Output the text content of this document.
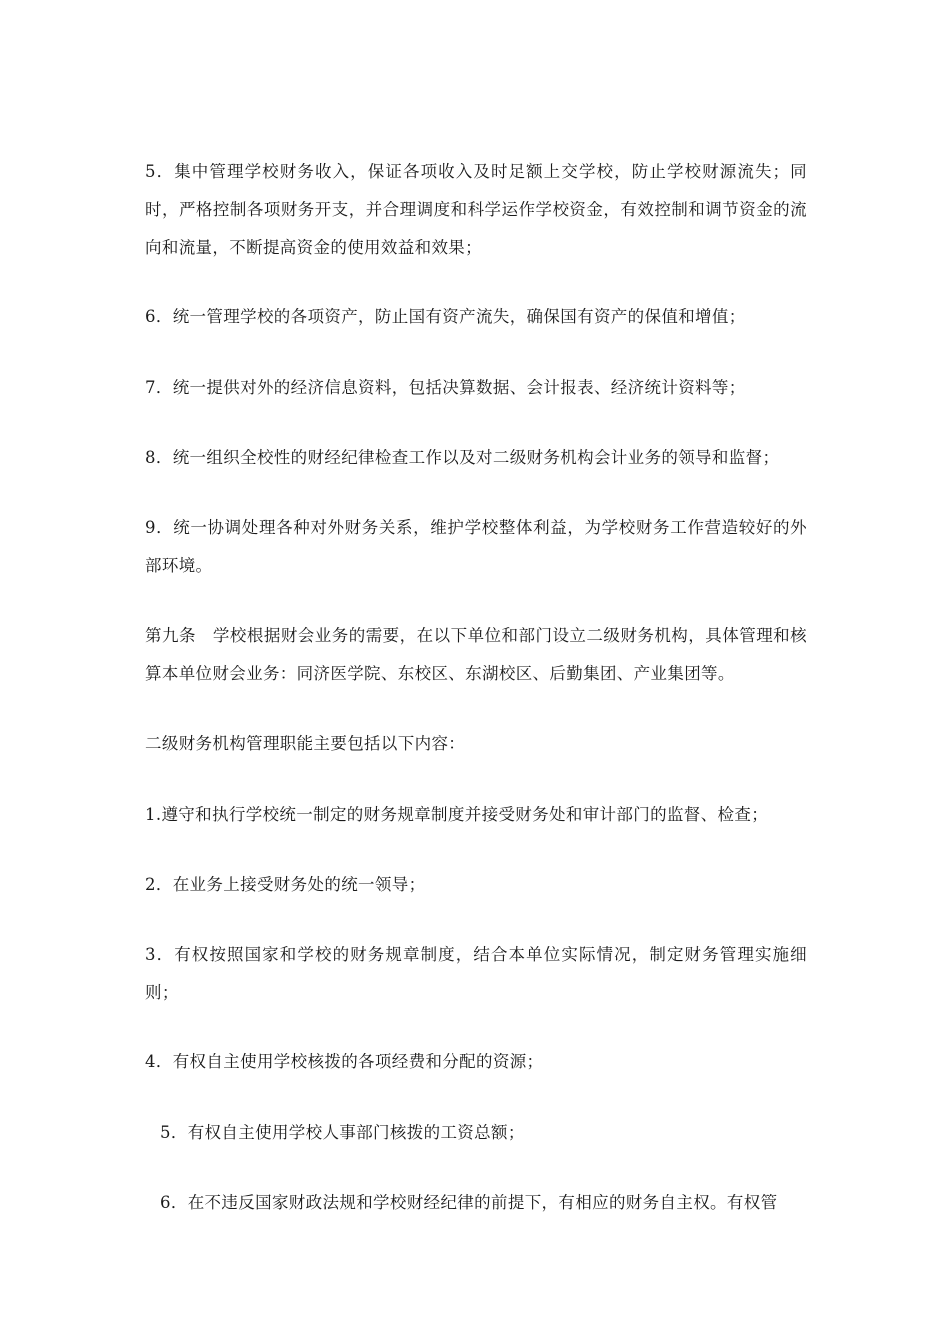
5．集中管理学校财务收入，保证各项收入及时足额上交学校，防止学校财源流失；同时，严格控制各项财务开支，并合理调度和科学运作学校资金，有效控制和调节资金的流向和流量，不断提高资金的使用效益和效果；

6．统一管理学校的各项资产，防止国有资产流失，确保国有资产的保值和增值；

7．统一提供对外的经济信息资料，包括决算数据、会计报表、经济统计资料等；

8．统一组织全校性的财经纪律检查工作以及对二级财务机构会计业务的领导和监督；

9．统一协调处理各种对外财务关系，维护学校整体利益，为学校财务工作营造较好的外部环境。

第九条　学校根据财会业务的需要，在以下单位和部门设立二级财务机构，具体管理和核算本单位财会业务：同济医学院、东校区、东湖校区、后勤集团、产业集团等。

二级财务机构管理职能主要包括以下内容：

1.遵守和执行学校统一制定的财务规章制度并接受财务处和审计部门的监督、检查；

2．在业务上接受财务处的统一领导；

3．有权按照国家和学校的财务规章制度，结合本单位实际情况，制定财务管理实施细则；

4．有权自主使用学校核拨的各项经费和分配的资源；

5．有权自主使用学校人事部门核拨的工资总额；

6．在不违反国家财政法规和学校财经纪律的前提下，有相应的财务自主权。有权管
